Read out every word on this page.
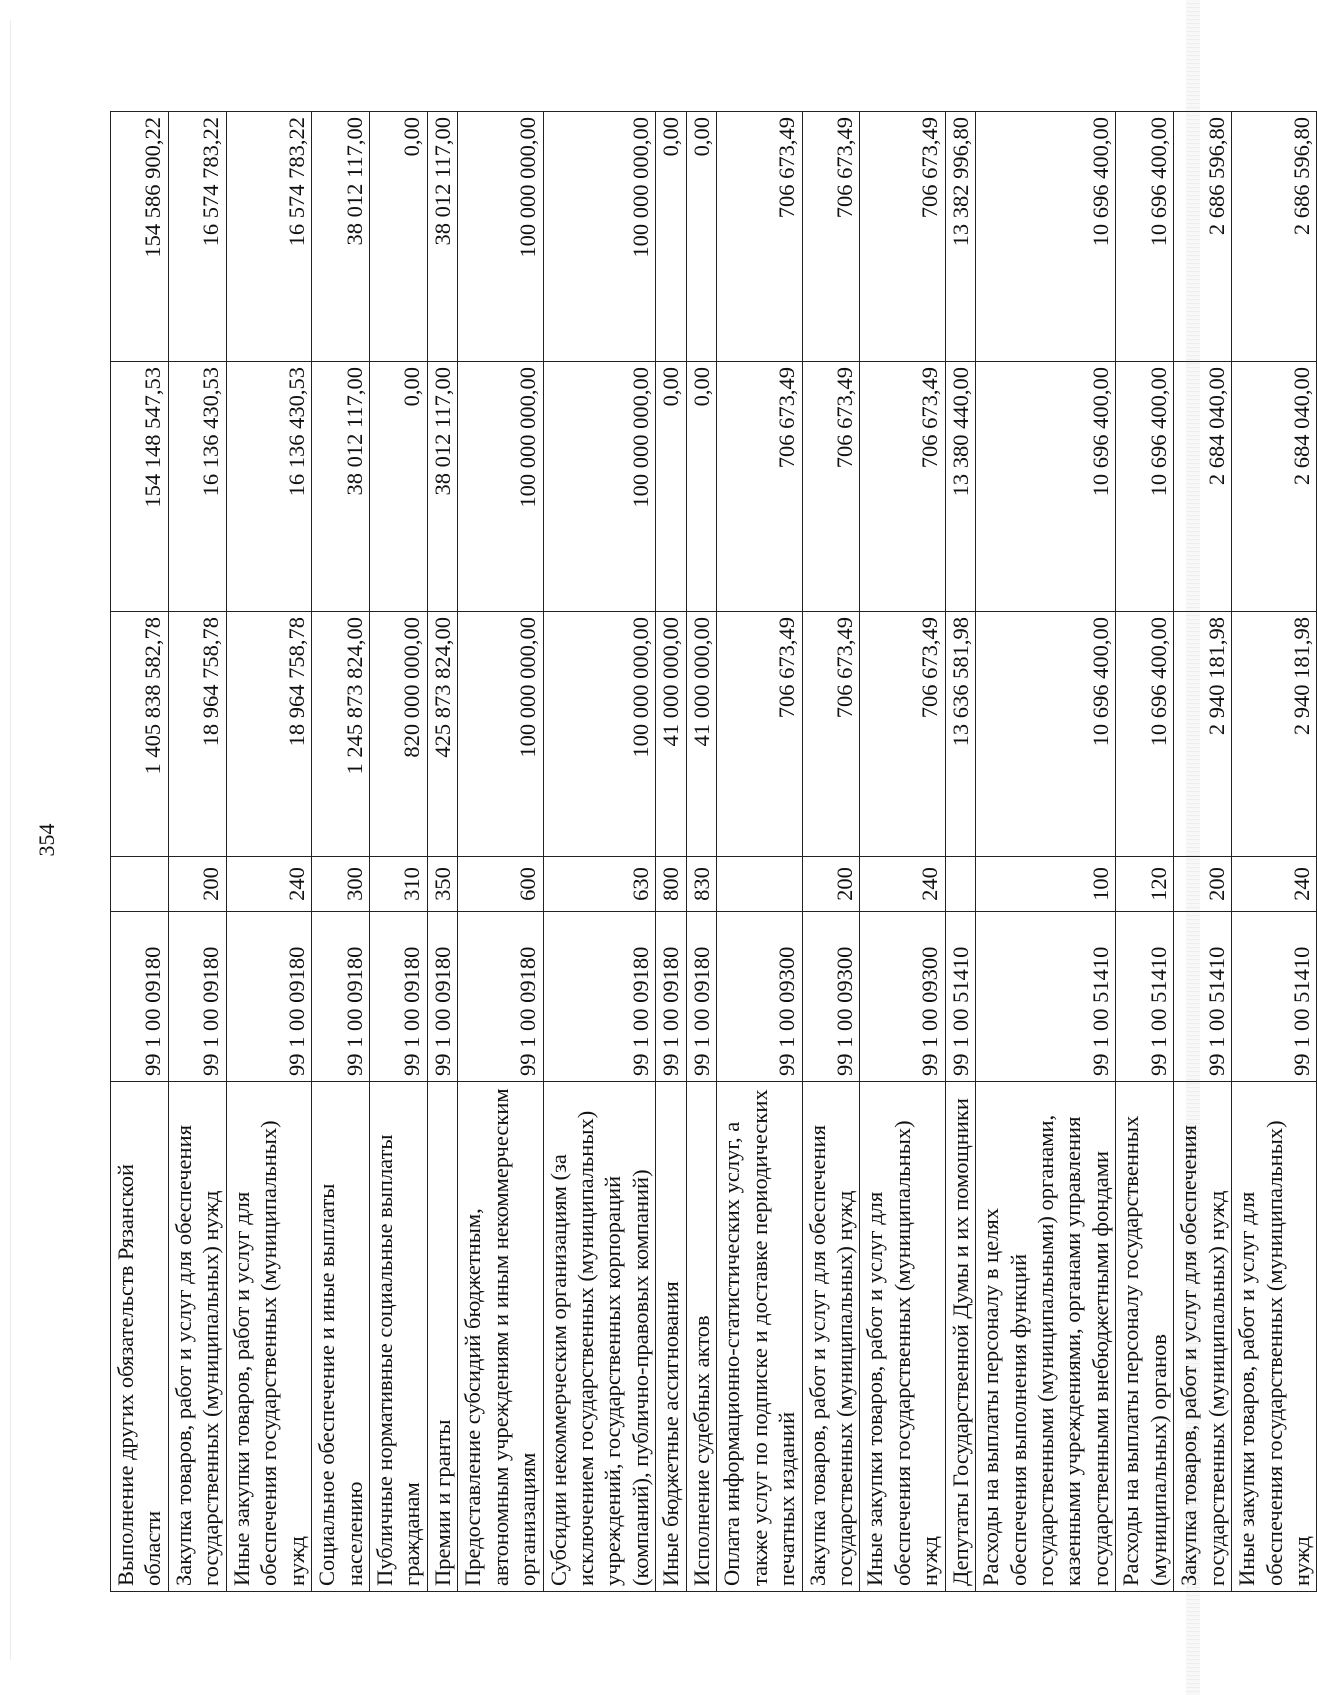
354
Выполнение других обязательств Рязанской области	99 1 00 09180		1 405 838 582,78	154 148 547,53	154 586 900,22
Закупка товаров, работ и услуг для обеспечения государственных (муниципальных) нужд	99 1 00 09180	200	18 964 758,78	16 136 430,53	16 574 783,22
Иные закупки товаров, работ и услуг для обеспечения государственных (муниципальных) нужд	99 1 00 09180	240	18 964 758,78	16 136 430,53	16 574 783,22
Социальное обеспечение и иные выплаты населению	99 1 00 09180	300	1 245 873 824,00	38 012 117,00	38 012 117,00
Публичные нормативные социальные выплаты гражданам	99 1 00 09180	310	820 000 000,00	0,00	0,00
Премии и гранты	99 1 00 09180	350	425 873 824,00	38 012 117,00	38 012 117,00
Предоставление субсидий бюджетным, автономным учреждениям и иным некоммерческим организациям	99 1 00 09180	600	100 000 000,00	100 000 000,00	100 000 000,00
Субсидии некоммерческим организациям (за исключением государственных (муниципальных) учреждений, государственных корпораций (компаний), публично-правовых компаний)	99 1 00 09180	630	100 000 000,00	100 000 000,00	100 000 000,00
Иные бюджетные ассигнования	99 1 00 09180	800	41 000 000,00	0,00	0,00
Исполнение судебных актов	99 1 00 09180	830	41 000 000,00	0,00	0,00
Оплата информационно-статистических услуг, а также услуг по подписке и доставке периодических печатных изданий	99 1 00 09300		706 673,49	706 673,49	706 673,49
Закупка товаров, работ и услуг для обеспечения государственных (муниципальных) нужд	99 1 00 09300	200	706 673,49	706 673,49	706 673,49
Иные закупки товаров, работ и услуг для обеспечения государственных (муниципальных) нужд	99 1 00 09300	240	706 673,49	706 673,49	706 673,49
Депутаты Государственной Думы и их помощники	99 1 00 51410		13 636 581,98	13 380 440,00	13 382 996,80
Расходы на выплаты персоналу в целях обеспечения выполнения функций государственными (муниципальными) органами, казенными учреждениями, органами управления государственными внебюджетными фондами	99 1 00 51410	100	10 696 400,00	10 696 400,00	10 696 400,00
Расходы на выплаты персоналу государственных (муниципальных) органов	99 1 00 51410	120	10 696 400,00	10 696 400,00	10 696 400,00
Закупка товаров, работ и услуг для обеспечения государственных (муниципальных) нужд	99 1 00 51410	200	2 940 181,98	2 684 040,00	2 686 596,80
Иные закупки товаров, работ и услуг для обеспечения государственных (муниципальных) нужд	99 1 00 51410	240	2 940 181,98	2 684 040,00	2 686 596,80
